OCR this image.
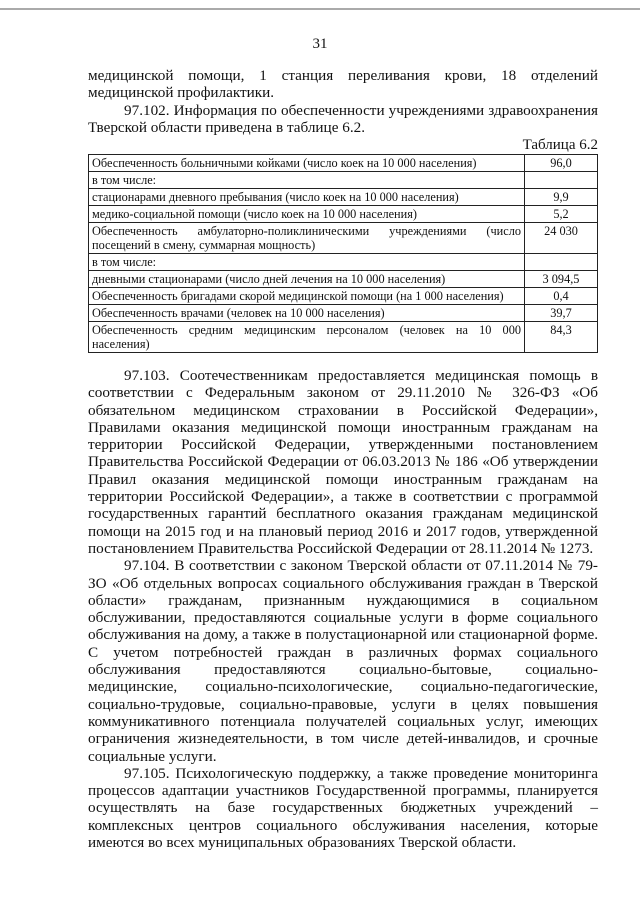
31

медицинской помощи, 1 станция переливания крови, 18 отделений медицинской профилактики.

97.102. Информация по обеспеченности учреждениями здравоохранения Тверской области приведена в таблице 6.2.

Таблица 6.2
Обеспеченность больничными койками (число коек на 10 000 населения)	96,0
в том числе:	
стационарами дневного пребывания (число коек на 10 000 населения)	9,9
медико-социальной помощи (число коек на 10 000 населения)	5,2
Обеспеченность амбулаторно-поликлиническими учреждениями (число посещений в смену, суммарная мощность)	24 030
в том числе:	
дневными стационарами (число дней лечения на 10 000 населения)	3 094,5
Обеспеченность бригадами скорой медицинской помощи (на 1 000 населения)	0,4
Обеспеченность врачами (человек на 10 000 населения)	39,7
Обеспеченность средним медицинским персоналом (человек на 10 000 населения)	84,3

97.103. Соотечественникам предоставляется медицинская помощь в соответствии с Федеральным законом от 29.11.2010 № 326-ФЗ «Об обязательном медицинском страховании в Российской Федерации», Правилами оказания медицинской помощи иностранным гражданам на территории Российской Федерации, утвержденными постановлением Правительства Российской Федерации от 06.03.2013 № 186 «Об утверждении Правил оказания медицинской помощи иностранным гражданам на территории Российской Федерации», а также в соответствии с программой государственных гарантий бесплатного оказания гражданам медицинской помощи на 2015 год и на плановый период 2016 и 2017 годов, утвержденной постановлением Правительства Российской Федерации от 28.11.2014 № 1273.

97.104. В соответствии с законом Тверской области от 07.11.2014 № 79-ЗО «Об отдельных вопросах социального обслуживания граждан в Тверской области» гражданам, признанным нуждающимися в социальном обслуживании, предоставляются социальные услуги в форме социального обслуживания на дому, а также в полустационарной или стационарной форме. С учетом потребностей граждан в различных формах социального обслуживания предоставляются социально-бытовые, социально-медицинские, социально-психологические, социально-педагогические, социально-трудовые, социально-правовые, услуги в целях повышения коммуникативного потенциала получателей социальных услуг, имеющих ограничения жизнедеятельности, в том числе детей-инвалидов, и срочные социальные услуги.

97.105. Психологическую поддержку, а также проведение мониторинга процессов адаптации участников Государственной программы, планируется осуществлять на базе государственных бюджетных учреждений – комплексных центров социального обслуживания населения, которые имеются во всех муниципальных образованиях Тверской области.
